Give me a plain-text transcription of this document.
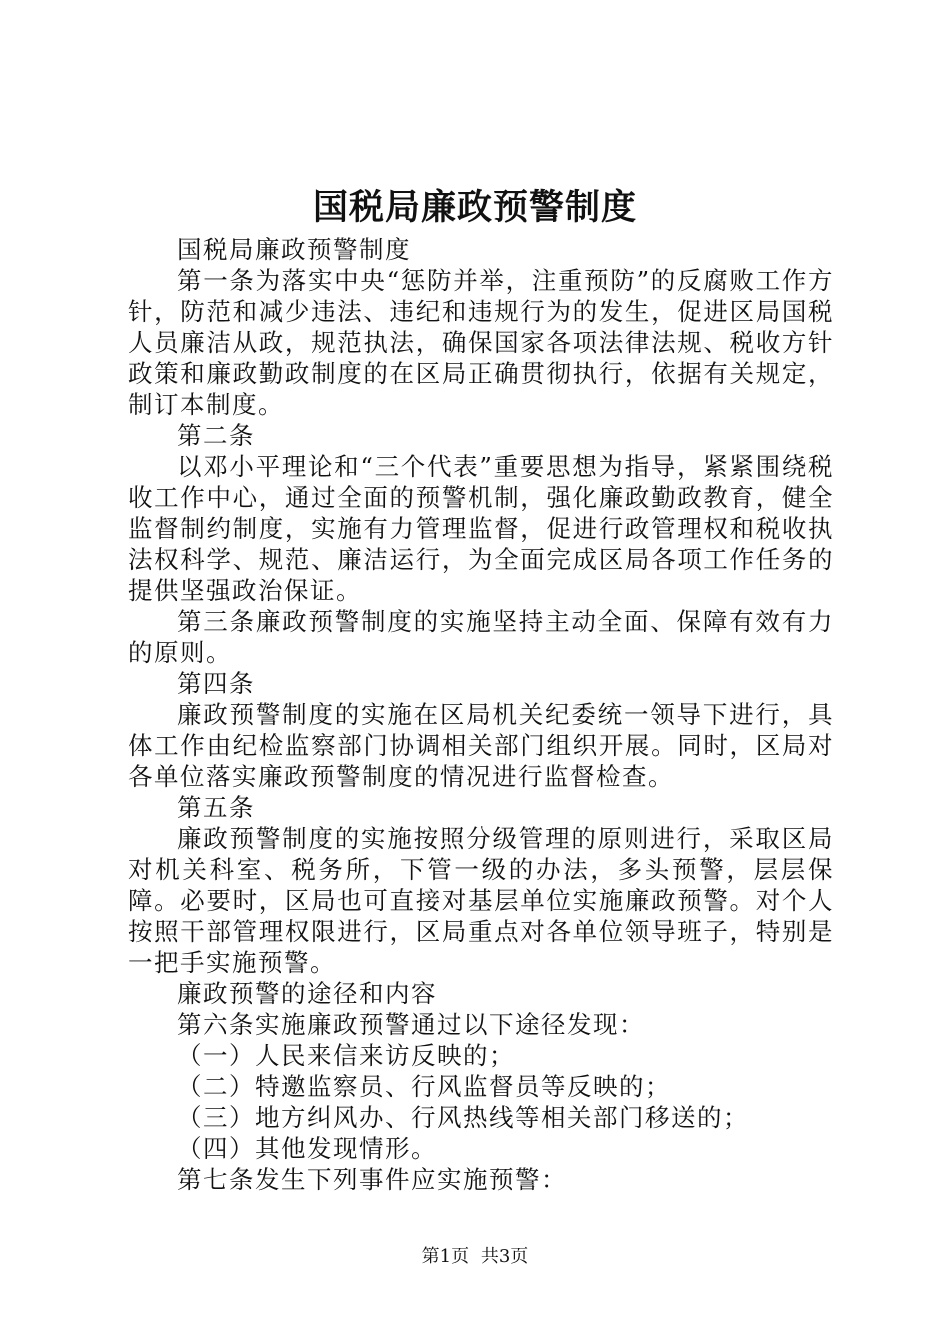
国税局廉政预警制度

国税局廉政预警制度

第一条为落实中央“惩防并举，注重预防”的反腐败工作方针，防范和减少违法、违纪和违规行为的发生，促进区局国税人员廉洁从政，规范执法，确保国家各项法律法规、税收方针政策和廉政勤政制度的在区局正确贯彻执行，依据有关规定，制订本制度。

第二条

以邓小平理论和“三个代表”重要思想为指导，紧紧围绕税收工作中心，通过全面的预警机制，强化廉政勤政教育，健全监督制约制度，实施有力管理监督，促进行政管理权和税收执法权科学、规范、廉洁运行，为全面完成区局各项工作任务的提供坚强政治保证。

第三条廉政预警制度的实施坚持主动全面、保障有效有力的原则。

第四条

廉政预警制度的实施在区局机关纪委统一领导下进行，具体工作由纪检监察部门协调相关部门组织开展。同时，区局对各单位落实廉政预警制度的情况进行监督检查。

第五条

廉政预警制度的实施按照分级管理的原则进行，采取区局对机关科室、税务所，下管一级的办法，多头预警，层层保障。必要时，区局也可直接对基层单位实施廉政预警。对个人按照干部管理权限进行，区局重点对各单位领导班子，特别是一把手实施预警。

廉政预警的途径和内容

第六条实施廉政预警通过以下途径发现：

（一）人民来信来访反映的；

（二）特邀监察员、行风监督员等反映的；

（三）地方纠风办、行风热线等相关部门移送的；

（四）其他发现情形。

第七条发生下列事件应实施预警：

第1页 共3页
